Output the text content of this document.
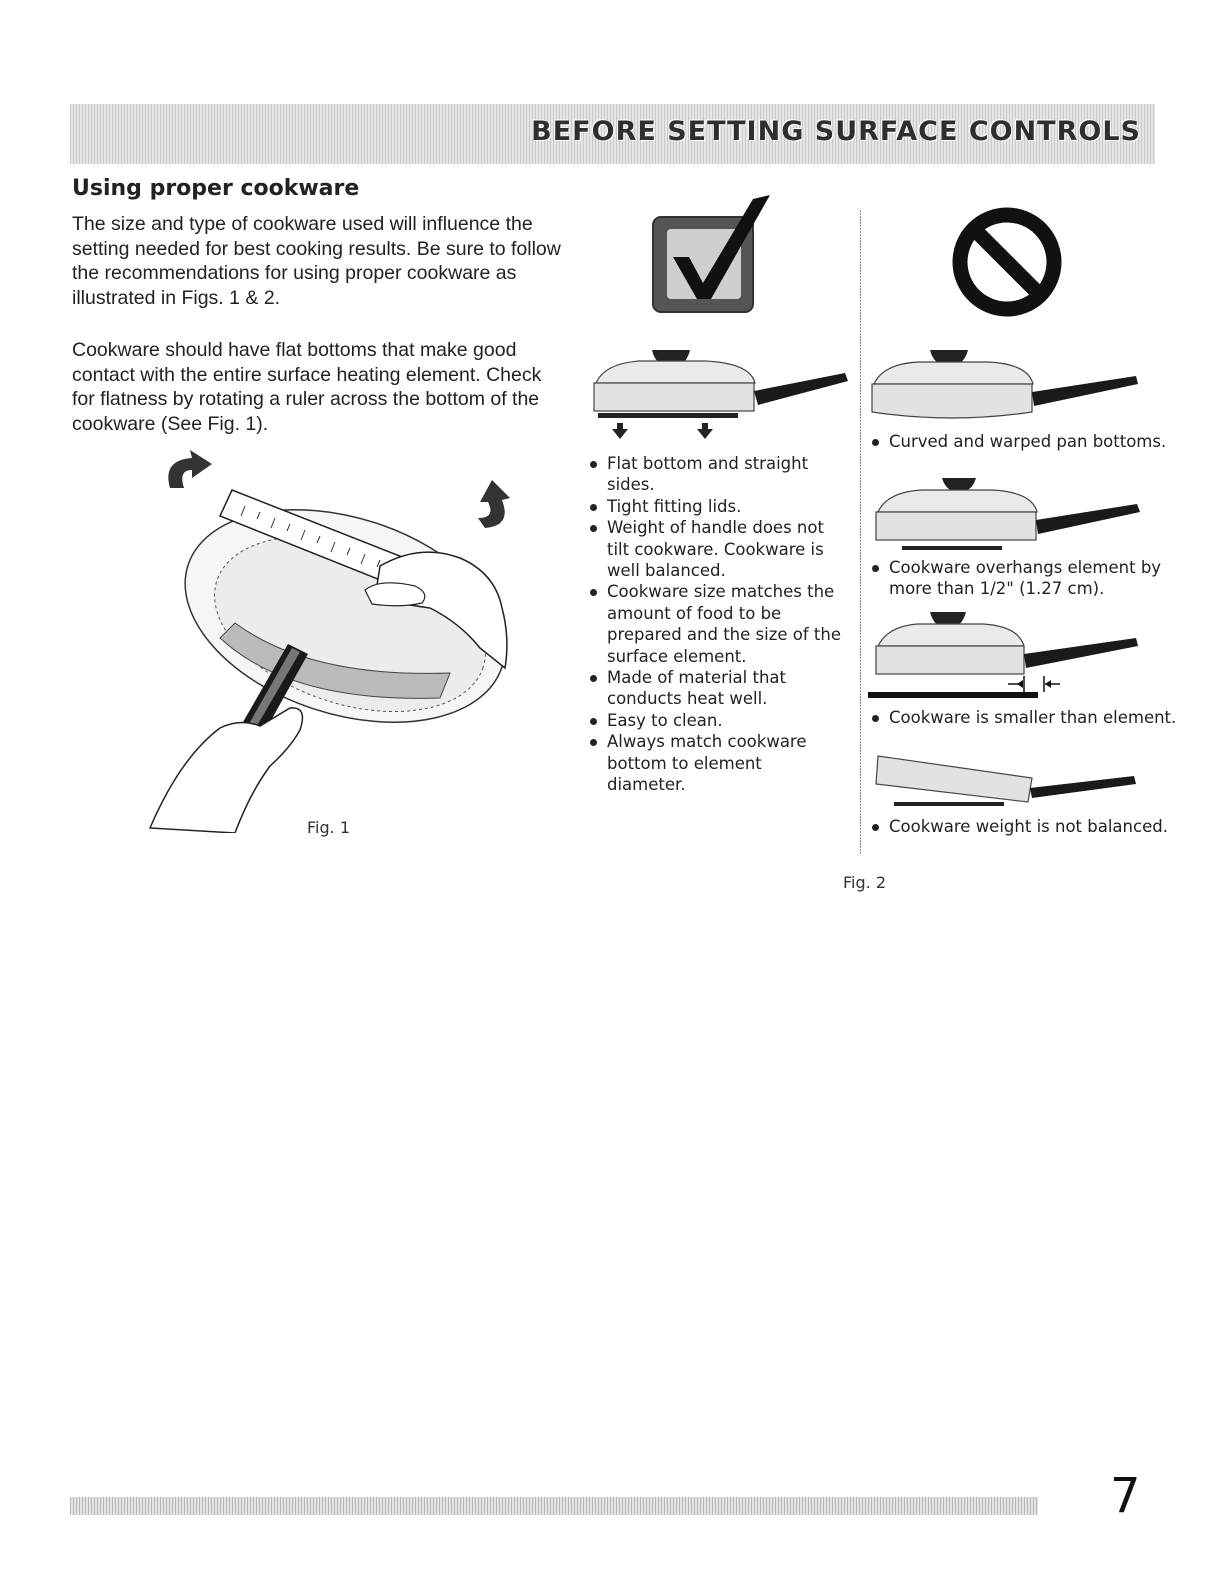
BEFORE SETTING SURFACE CONTROLS
Using proper cookware
The size and type of cookware used will influence the setting needed for best cooking results. Be sure to follow the recommendations for using proper cookware as illustrated in Figs. 1 & 2.
Cookware should have flat bottoms that make good contact with the entire surface heating element. Check for flatness by rotating a ruler across the bottom of the cookware (See Fig. 1).
Fig. 1
Flat bottom and straight sides.
Tight fitting lids.
Weight of handle does not tilt cookware. Cookware is well balanced.
Cookware size matches the amount of food to be prepared and the size of the surface element.
Made of material that conducts heat well.
Easy to clean.
Always match cookware bottom to element diameter.
Curved and warped pan bottoms.
Cookware overhangs element by more than 1/2" (1.27 cm).
Cookware is smaller than element.
Cookware weight is not balanced.
Fig. 2
7
